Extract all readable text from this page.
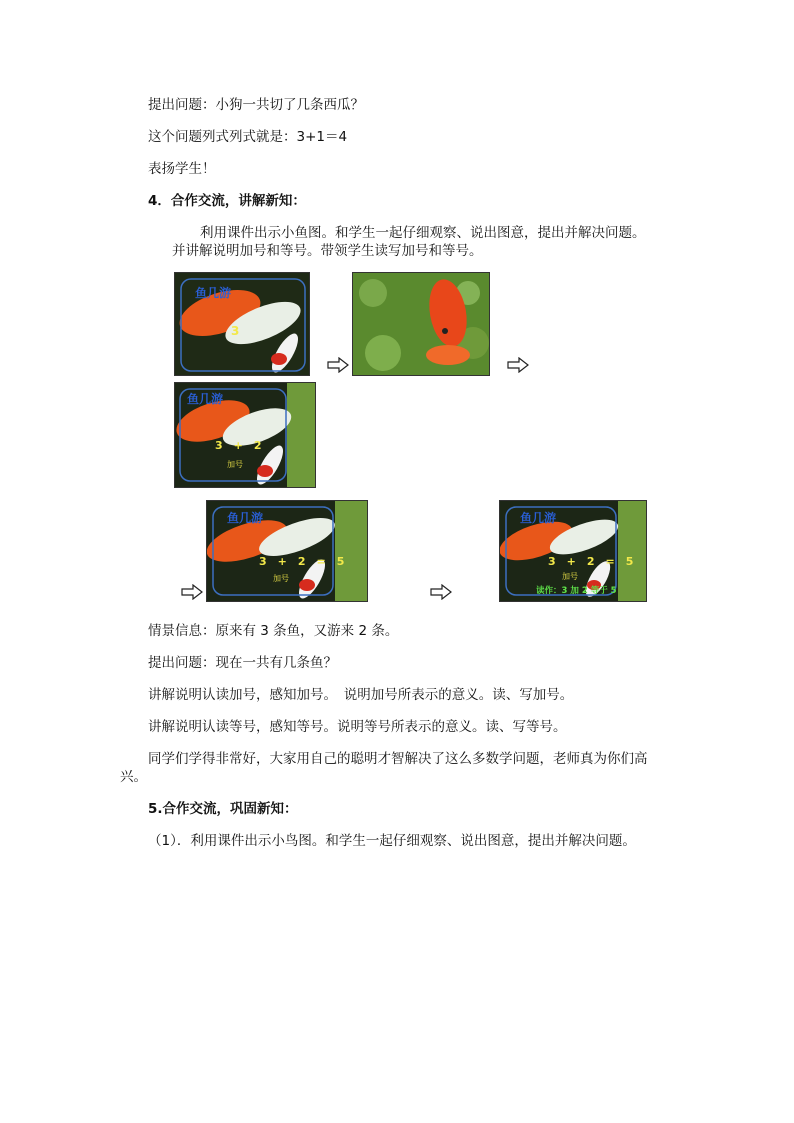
提出问题：小狗一共切了几条西瓜？
这个问题列式列式就是：3+1＝4
表扬学生！
4．合作交流，讲解新知：
利用课件出示小鱼图。和学生一起仔细观察、说出图意，提出并解决问题。
并讲解说明加号和等号。带领学生读写加号和等号。
鱼几游
3
鱼几游
3　+　2
加号
鱼几游
3　+　2　=　5
加号
鱼几游
3　+　2　=　5
加号
读作：3 加 2 等于 5
情景信息：原来有 3 条鱼，又游来 2 条。
提出问题：现在一共有几条鱼？
讲解说明认读加号，感知加号。　说明加号所表示的意义。读、写加号。
讲解说明认读等号，感知等号。说明等号所表示的意义。读、写等号。
同学们学得非常好，大家用自己的聪明才智解决了这么多数学问题，老师真为你们高
兴。
5.合作交流，巩固新知：
（1）．利用课件出示小鸟图。和学生一起仔细观察、说出图意，提出并解决问题。
